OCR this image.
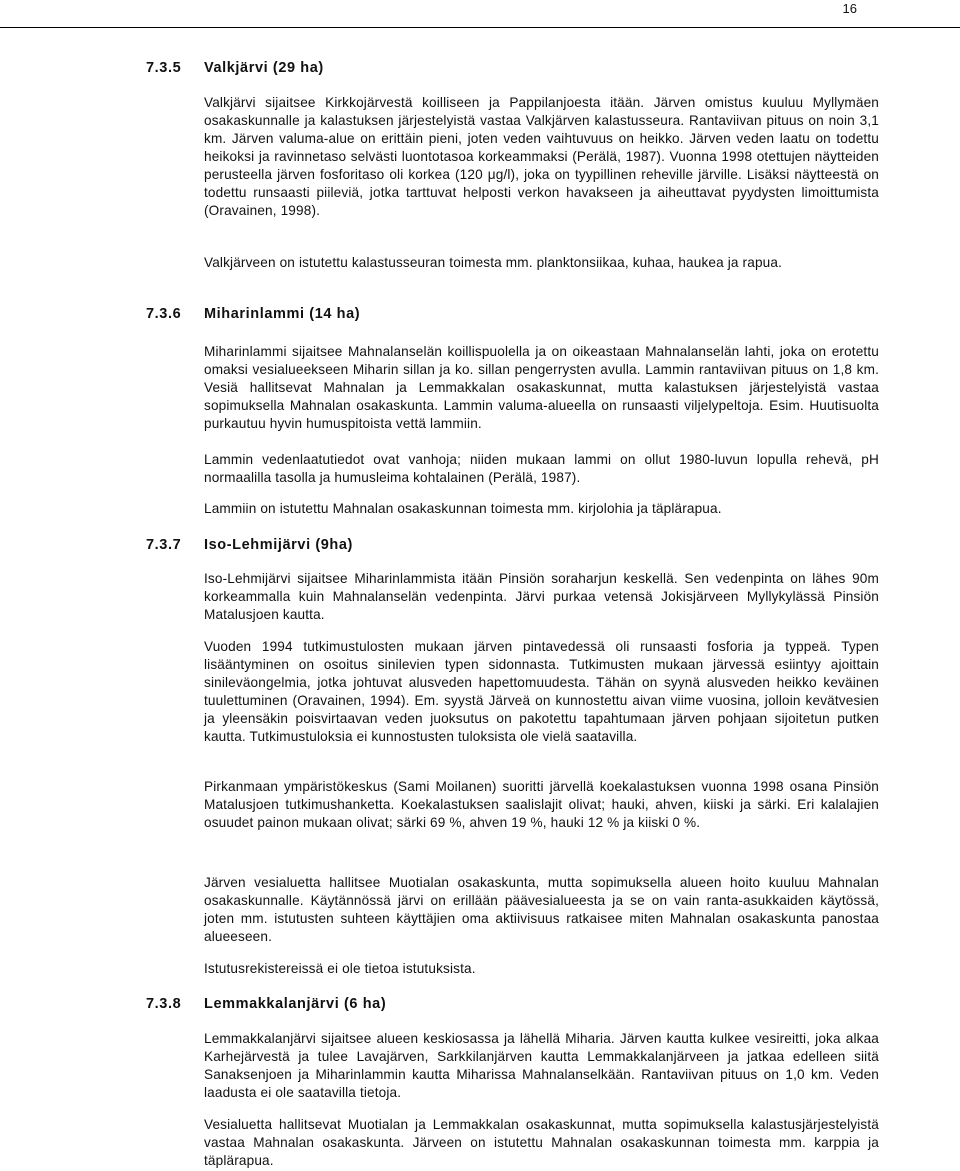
16
7.3.5 Valkjärvi (29 ha)

Valkjärvi sijaitsee Kirkkojärvestä koilliseen ja Pappilanjoesta itään. Järven omistus kuuluu Myllymäen osakaskunnalle ja kalastuksen järjestelyistä vastaa Valkjärven kalastusseura. Rantaviivan pituus on noin 3,1 km. Järven valuma-alue on erittäin pieni, joten veden vaihtuvuus on heikko. Järven veden laatu on todettu heikoksi ja ravinnetaso selvästi luontotasoa korkeammaksi (Perälä, 1987). Vuonna 1998 otettujen näytteiden perusteella järven fosforitaso oli korkea (120 μg/l), joka on tyypillinen reheville järville. Lisäksi näytteestä on todettu runsaasti piileviä, jotka tarttuvat helposti verkon havakseen ja aiheuttavat pyydysten limoittumista (Oravainen, 1998).

Valkjärveen on istutettu kalastusseuran toimesta mm. planktonsiikaa, kuhaa, haukea ja rapua.

7.3.6 Miharinlammi (14 ha)

Miharinlammi sijaitsee Mahnalanselän koillispuolella ja on oikeastaan Mahnalanselän lahti, joka on erotettu omaksi vesialueekseen Miharin sillan ja ko. sillan pengerrysten avulla. Lammin rantaviivan pituus on 1,8 km. Vesiä hallitsevat Mahnalan ja Lemmakkalan osakaskunnat, mutta kalastuksen järjestelyistä vastaa sopimuksella Mahnalan osakaskunta. Lammin valuma-alueella on runsaasti viljelypeltoja. Esim. Huutisuolta purkautuu hyvin humuspitoista vettä lammiin.

Lammin vedenlaatutiedot ovat vanhoja; niiden mukaan lammi on ollut 1980-luvun lopulla rehevä, pH normaalilla tasolla ja humusleima kohtalainen (Perälä, 1987).

Lammiin on istutettu Mahnalan osakaskunnan toimesta mm. kirjolohia ja täplärapua.

7.3.7 Iso-Lehmijärvi (9ha)

Iso-Lehmijärvi sijaitsee Miharinlammista itään Pinsiön soraharjun keskellä. Sen vedenpinta on lähes 90m korkeammalla kuin Mahnalanselän vedenpinta. Järvi purkaa vetensä Jokisjärveen Myllykylässä Pinsiön Matalusjoen kautta.

Vuoden 1994 tutkimustulosten mukaan järven pintavedessä oli runsaasti fosforia ja typpeä. Typen lisääntyminen on osoitus sinilevien typen sidonnasta. Tutkimusten mukaan järvessä esiintyy ajoittain sinileväongelmia, jotka johtuvat alusveden hapettomuudesta. Tähän on syynä alusveden heikko keväinen tuulettuminen (Oravainen, 1994). Em. syystä Järveä on kunnostettu aivan viime vuosina, jolloin kevätvesien ja yleensäkin poisvirtaavan veden juoksutus on pakotettu tapahtumaan järven pohjaan sijoitetun putken kautta. Tutkimustuloksia ei kunnostusten tuloksista ole vielä saatavilla.

Pirkanmaan ympäristökeskus (Sami Moilanen) suoritti järvellä koekalastuksen vuonna 1998 osana Pinsiön Matalusjoen tutkimushanketta. Koekalastuksen saalislajit olivat; hauki, ahven, kiiski ja särki. Eri kalalajien osuudet painon mukaan olivat; särki 69 %, ahven 19 %, hauki 12 % ja kiiski 0 %.

Järven vesialuetta hallitsee Muotialan osakaskunta, mutta sopimuksella alueen hoito kuuluu Mahnalan osakaskunnalle. Käytännössä järvi on erillään päävesialueesta ja se on vain ranta-asukkaiden käytössä, joten mm. istutusten suhteen käyttäjien oma aktiivisuus ratkaisee miten Mahnalan osakaskunta panostaa alueeseen.

Istutusrekistereissä ei ole tietoa istutuksista.

7.3.8 Lemmakkalanjärvi (6 ha)

Lemmakkalanjärvi sijaitsee alueen keskiosassa ja lähellä Miharia. Järven kautta kulkee vesireitti, joka alkaa Karhejärvestä ja tulee Lavajärven, Sarkkilanjärven kautta Lemmakkalanjärveen ja jatkaa edelleen siitä Sanaksenjoen ja Miharinlammin kautta Miharissa Mahnalanselkään. Rantaviivan pituus on 1,0 km. Veden laadusta ei ole saatavilla tietoja.

Vesialuetta hallitsevat Muotialan ja Lemmakkalan osakaskunnat, mutta sopimuksella kalastusjärjestelyistä vastaa Mahnalan osakaskunta. Järveen on istutettu Mahnalan osakaskunnan toimesta mm. karppia ja täplärapua.
